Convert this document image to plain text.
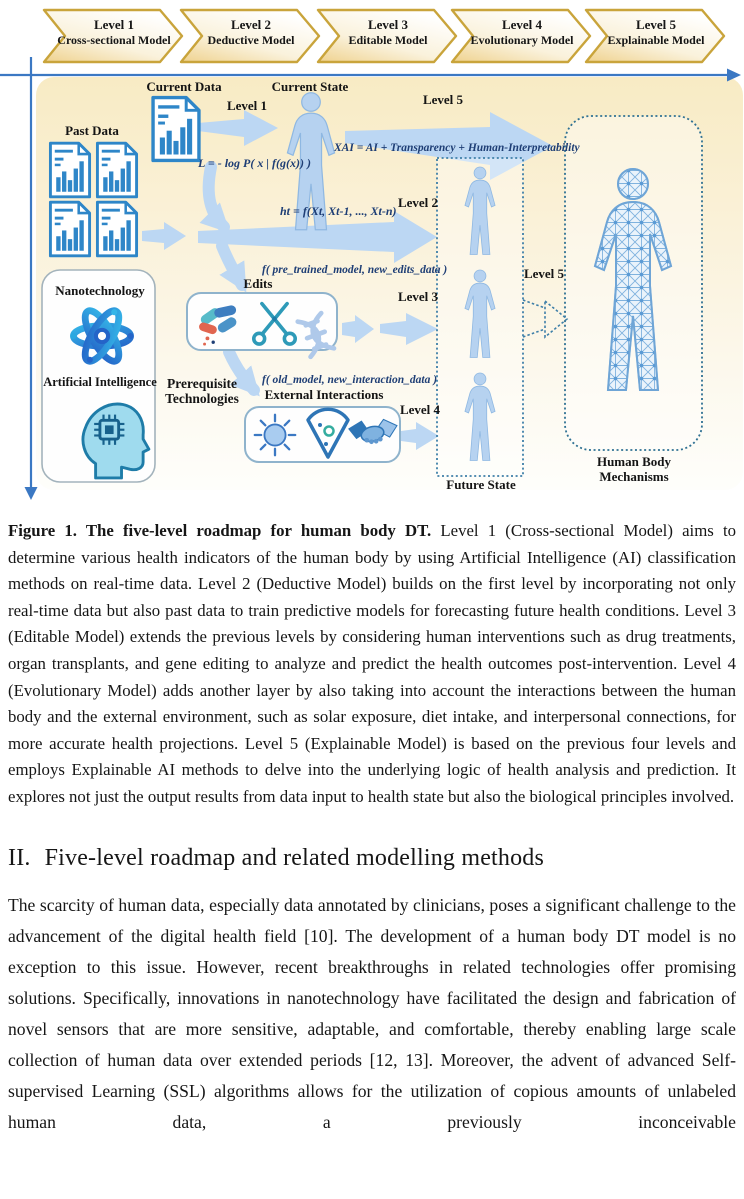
Level 1
Cross-sectional Model
Level 2
Deductive Model
Level 3
Editable Model
Level 4
Evolutionary Model
Level 5
Explainable Model
Current Data	Current State
Past Data
Level 1	Level 5
Level 2
Level 3
Level 4
Level 5
Edits
Prerequisite Technologies	External Interactions
Future State
Human Body Mechanisms
Nanotechnology
Artificial Intelligence
L = - log P( x | f(g(x)) )
XAI = AI + Transparency + Human-Interpretability
ht = f(Xt, Xt-1, ..., Xt-n)
f( pre_trained_model, new_edits_data )
f( old_model, new_interaction_data )

Figure 1. The five-level roadmap for human body DT. Level 1 (Cross-sectional Model) aims to determine various health indicators of the human body by using Artificial Intelligence (AI) classification methods on real-time data. Level 2 (Deductive Model) builds on the first level by incorporating not only real-time data but also past data to train predictive models for forecasting future health conditions. Level 3 (Editable Model) extends the previous levels by considering human interventions such as drug treatments, organ transplants, and gene editing to analyze and predict the health outcomes post-intervention. Level 4 (Evolutionary Model) adds another layer by also taking into account the interactions between the human body and the external environment, such as solar exposure, diet intake, and interpersonal connections, for more accurate health projections. Level 5 (Explainable Model) is based on the previous four levels and employs Explainable AI methods to delve into the underlying logic of health analysis and prediction. It explores not just the output results from data input to health state but also the biological principles involved.

II. Five-level roadmap and related modelling methods

The scarcity of human data, especially data annotated by clinicians, poses a significant challenge to the advancement of the digital health field [10]. The development of a human body DT model is no exception to this issue. However, recent breakthroughs in related technologies offer promising solutions. Specifically, innovations in nanotechnology have facilitated the design and fabrication of novel sensors that are more sensitive, adaptable, and comfortable, thereby enabling large scale collection of human data over extended periods [12, 13]. Moreover, the advent of advanced Self-supervised Learning (SSL) algorithms allows for the utilization of copious amounts of unlabeled human data, a previously inconceivable
